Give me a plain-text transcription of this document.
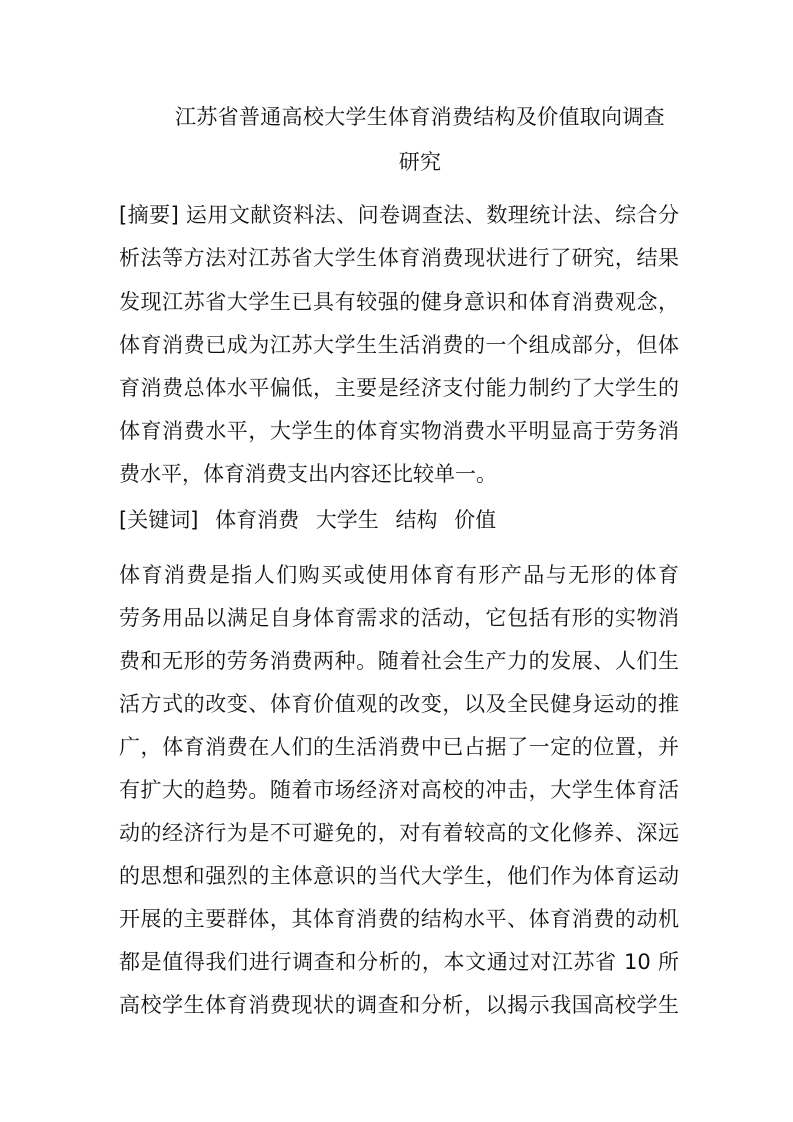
江苏省普通高校大学生体育消费结构及价值取向调查
研究
[摘要] 运用文献资料法、问卷调查法、数理统计法、综合分
析法等方法对江苏省大学生体育消费现状进行了研究，结果
发现江苏省大学生已具有较强的健身意识和体育消费观念，
体育消费已成为江苏大学生生活消费的一个组成部分，但体
育消费总体水平偏低，主要是经济支付能力制约了大学生的
体育消费水平，大学生的体育实物消费水平明显高于劳务消
费水平，体育消费支出内容还比较单一。
[关键词] 体育消费 大学生 结构 价值
体育消费是指人们购买或使用体育有形产品与无形的体育
劳务用品以满足自身体育需求的活动，它包括有形的实物消
费和无形的劳务消费两种。随着社会生产力的发展、人们生
活方式的改变、体育价值观的改变，以及全民健身运动的推
广，体育消费在人们的生活消费中已占据了一定的位置，并
有扩大的趋势。随着市场经济对高校的冲击，大学生体育活
动的经济行为是不可避免的，对有着较高的文化修养、深远
的思想和强烈的主体意识的当代大学生，他们作为体育运动
开展的主要群体，其体育消费的结构水平、体育消费的动机
都是值得我们进行调查和分析的，本文通过对江苏省 10 所
高校学生体育消费现状的调查和分析，以揭示我国高校学生
